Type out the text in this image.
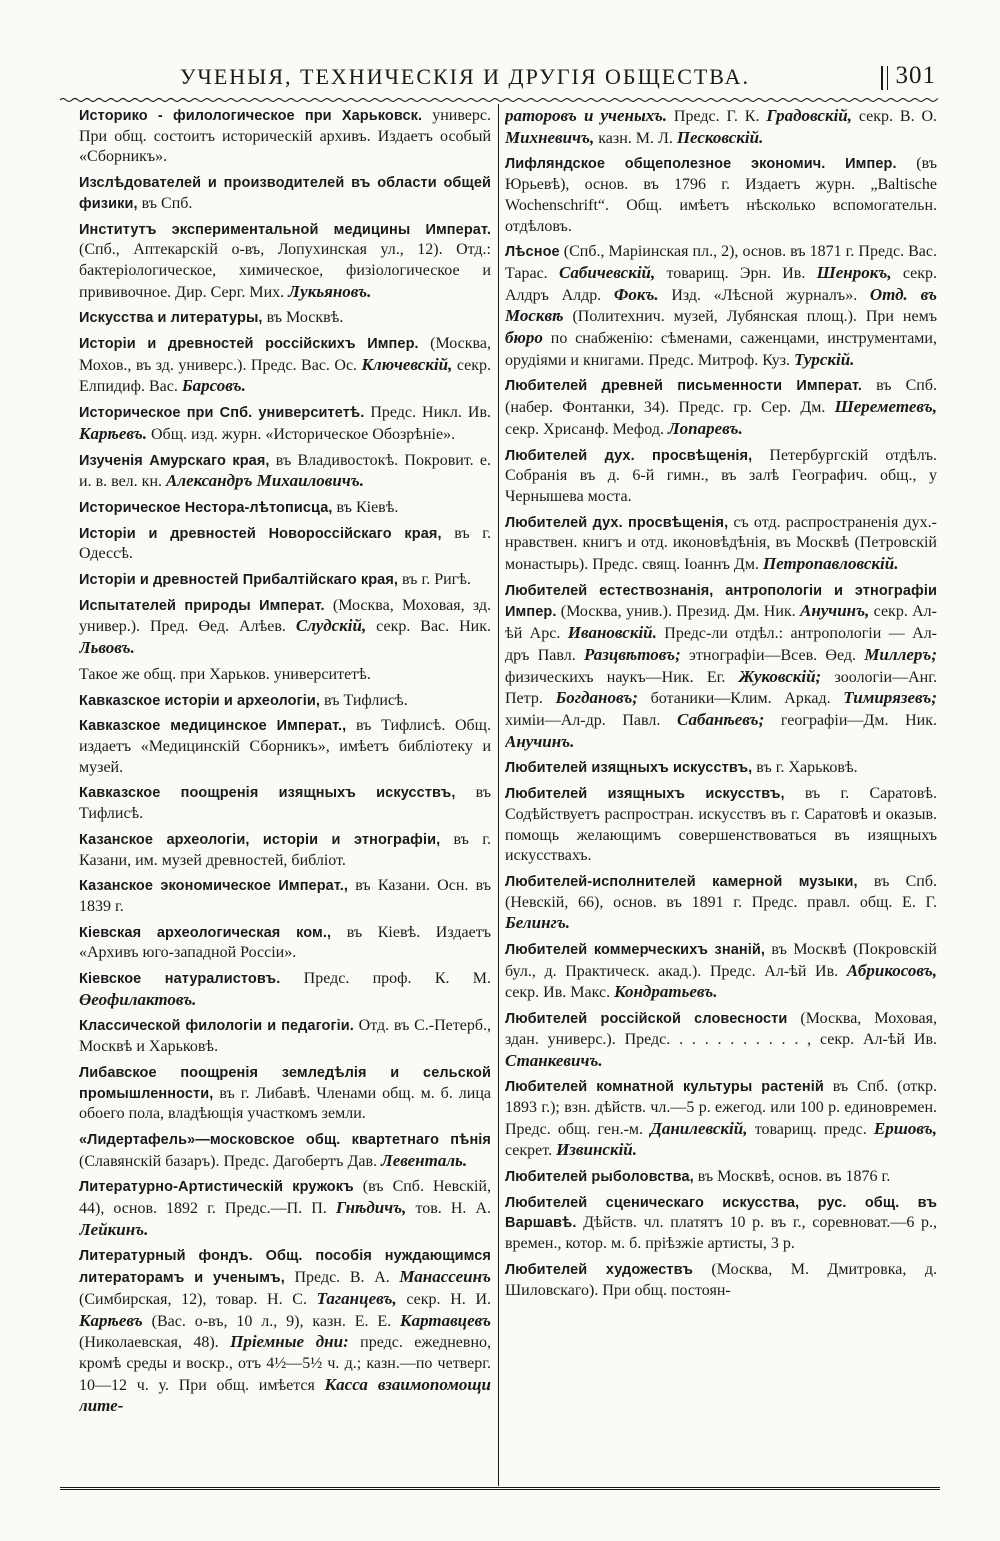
УЧЕНЫЯ, ТЕХНИЧЕСКIЯ И ДРУГIЯ ОБЩЕСТВА.	301

Историко - филологическое при Харьковск. универс. При общ. состоитъ историческiй архивъ. Издаетъ особый «Сборникъ».

Изслѣдователей и производителей въ области общей физики, въ Спб.

Институтъ экспериментальной медицины Императ. (Спб., Аптекарскiй о-въ, Лопухинская ул., 12). Отд.: бактерiологическое, химическое, физiологическое и прививочное. Дир. Серг. Мих. Лукьяновъ.

Искусства и литературы, въ Москвѣ.

Исторiи и древностей россiйскихъ Импер. (Москва, Мохов., въ зд. универс.). Предс. Вас. Ос. Ключевскiй, секр. Елпидиф. Вас. Барсовъ.

Историческое при Спб. университетѣ. Предс. Никл. Ив. Карѣевъ. Общ. изд. журн. «Историческое Обозрѣнiе».

Изученiя Амурскаго края, въ Владивостокѣ. Покровит. е. и. в. вел. кн. Александръ Михаиловичъ.

Историческое Нестора-лѣтописца, въ Кiевѣ.

Исторiи и древностей Новороссiйскаго края, въ г. Одессѣ.

Исторiи и древностей Прибалтiйскаго края, въ г. Ригѣ.

Испытателей природы Императ. (Москва, Моховая, зд. универ.). Пред. Өед. Алѣев. Слудскiй, секр. Вас. Ник. Львовъ.

Такое же общ. при Харьков. университетѣ.

Кавказское исторiи и археологiи, въ Тифлисѣ.

Кавказское медицинское Императ., въ Тифлисѣ. Общ. издаетъ «Медицинскiй Сборникъ», имѣетъ библiотеку и музей.

Кавказское поощренiя изящныхъ искусствъ, въ Тифлисѣ.

Казанское археологiи, исторiи и этнографiи, въ г. Казани, им. музей древностей, библiот.

Казанское экономическое Императ., въ Казани. Осн. въ 1839 г.

Кiевская археологическая ком., въ Кiевѣ. Издаетъ «Архивъ юго-западной Россiи».

Кiевское натуралистовъ. Предс. проф. К. М. Өеофилактовъ.

Классической филологiи и педагогiи. Отд. въ С.-Петерб., Москвѣ и Харьковѣ.

Либавское поощренiя земледѣлiя и сельской промышленности, въ г. Либавѣ. Членами общ. м. б. лица обоего пола, владѣющiя участкомъ земли.

«Лидертафель»—московское общ. квартетнаго пѣнiя (Славянскiй базаръ). Предс. Дагобертъ Дав. Левенталь.

Литературно-Артистическiй кружокъ (въ Спб. Невскiй, 44), основ. 1892 г. Предс.—П. П. Гнѣдичъ, тов. Н. А. Лейкинъ.

Литературный фондъ. Общ. пособiя нуждающимся литераторамъ и ученымъ, Предс. В. А. Манассеинъ (Симбирская, 12), товар. Н. С. Таганцевъ, секр. Н. И. Карѣевъ (Вас. о-въ, 10 л., 9), казн. Е. Е. Картавцевъ (Николаевская, 48). Прiемные дни: предс. ежедневно, кромѣ среды и воскр., отъ 4½—5½ ч. д.; казн.—по четверг. 10—12 ч. у. При общ. имѣется Касса взаимопомощи лите-

раторовъ и ученыхъ. Предс. Г. К. Градовскiй, секр. В. О. Михневичъ, казн. М. Л. Песковскiй.

Лифляндское общеполезное экономич. Импер. (въ Юрьевѣ), основ. въ 1796 г. Издаетъ журн. „Baltische Wochenschrift“. Общ. имѣетъ нѣсколько вспомогательн. отдѣловъ.

Лѣсное (Спб., Марiинская пл., 2), основ. въ 1871 г. Предс. Вас. Тарас. Сабичевскiй, товарищ. Эрн. Ив. Шенрокъ, секр. Алдръ Алдр. Фокъ. Изд. «Лѣсной журналъ». Отд. въ Москвѣ (Политехнич. музей, Лубянская площ.). При немъ бюро по снабженiю: сѣменами, саженцами, инструментами, орудiями и книгами. Предс. Митроф. Куз. Турскiй.

Любителей древней письменности Императ. въ Спб. (набер. Фонтанки, 34). Предс. гр. Сер. Дм. Шереметевъ, секр. Хрисанф. Мефод. Лопаревъ.

Любителей дух. просвѣщенiя, Петербургскiй отдѣлъ. Собранiя въ д. 6-й гимн., въ залѣ Географич. общ., у Чернышева моста.

Любителей дух. просвѣщенiя, съ отд. распространенiя дух.-нравствен. книгъ и отд. иконовѣдѣнiя, въ Москвѣ (Петровскiй монастырь). Предс. свящ. Iоаннъ Дм. Петропавловскiй.

Любителей естествознанiя, антропологiи и этнографiи Импер. (Москва, унив.). Презид. Дм. Ник. Анучинъ, секр. Ал-ѣй Арс. Ивановскiй. Предс-ли отдѣл.: антропологiи — Ал-дръ Павл. Разцвѣтовъ; этнографiи—Всев. Өед. Миллеръ; физическихъ наукъ—Ник. Ег. Жуковскiй; зоологiи—Анг. Петр. Богдановъ; ботаники—Клим. Аркад. Тимирязевъ; химiи—Ал-др. Павл. Сабанѣевъ; географiи—Дм. Ник. Анучинъ.

Любителей изящныхъ искусствъ, въ г. Харьковѣ.

Любителей изящныхъ искусствъ, въ г. Саратовѣ. Содѣйствуетъ распростран. искусствъ въ г. Саратовѣ и оказыв. помощь желающимъ совершенствоваться въ изящныхъ искусствахъ.

Любителей-исполнителей камерной музыки, въ Спб. (Невскiй, 66), основ. въ 1891 г. Предс. правл. общ. Е. Г. Белингъ.

Любителей коммерческихъ знанiй, въ Москвѣ (Покровскiй бул., д. Практическ. акад.). Предс. Ал-ѣй Ив. Абрикосовъ, секр. Ив. Макс. Кондратьевъ.

Любителей россiйской словесности (Москва, Моховая, здан. универс.). Предс. . . . . . . . . . . , секр. Ал-ѣй Ив. Станкевичъ.

Любителей комнатной культуры растенiй въ Спб. (откр. 1893 г.); взн. дѣйств. чл.—5 р. ежегод. или 100 р. единовремен. Предс. общ. ген.-м. Данилевскiй, товарищ. предс. Ершовъ, секрет. Извинскiй.

Любителей рыболовства, въ Москвѣ, основ. въ 1876 г.

Любителей сценическаго искусства, рус. общ. въ Варшавѣ. Дѣйств. чл. платятъ 10 р. въ г., соревноват.—6 р., времен., котор. м. б. прiѣзжiе артисты, 3 р.

Любителей художествъ (Москва, М. Дмитровка, д. Шиловскаго). При общ. постоян-
